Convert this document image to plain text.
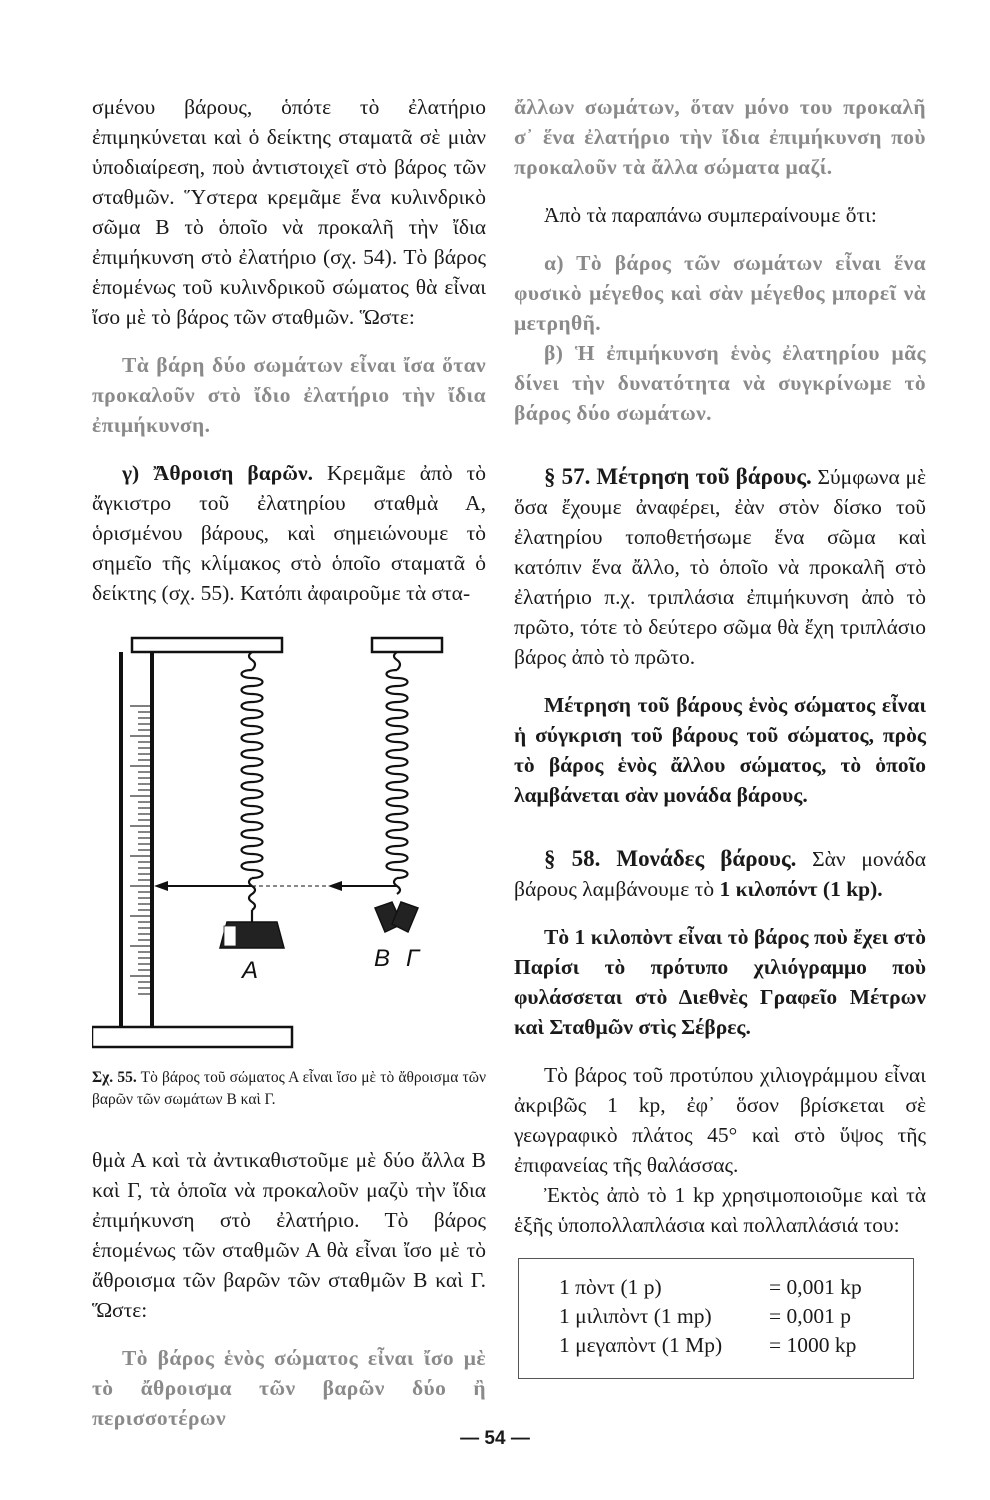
σμένου βάρους, ὁπότε τὸ ἐλατήριο ἐπιμηκύνεται καὶ ὁ δείκτης σταματᾶ σὲ μιὰν ὑποδιαίρεση, ποὺ ἀντιστοιχεῖ στὸ βάρος τῶν σταθμῶν. Ὕστερα κρεμᾶμε ἕνα κυλινδρικὸ σῶμα Β τὸ ὁποῖο νὰ προκαλῆ τὴν ἴδια ἐπιμήκυνση στὸ ἐλατήριο (σχ. 54). Τὸ βάρος ἑπομένως τοῦ κυλινδρικοῦ σώματος θὰ εἶναι ἴσο μὲ τὸ βάρος τῶν σταθμῶν. Ὥστε:

Τὰ βάρη δύο σωμάτων εἶναι ἴσα ὅταν προκαλοῦν στὸ ἴδιο ἐλατήριο τὴν ἴδια ἐπιμήκυνση.

γ) Ἄθροιση βαρῶν. Κρεμᾶμε ἀπὸ τὸ ἄγκιστρο τοῦ ἐλατηρίου σταθμὰ Α, ὁρισμένου βάρους, καὶ σημειώνουμε τὸ σημεῖο τῆς κλίμακος στὸ ὁποῖο σταματᾶ ὁ δείκτης (σχ. 55). Κατόπι ἀφαιροῦμε τὰ στα-

A	B Γ

Σχ. 55. Τὸ βάρος τοῦ σώματος Α εἶναι ἴσο μὲ τὸ ἄθροισμα τῶν βαρῶν τῶν σωμάτων Β καὶ Γ.

θμὰ Α καὶ τὰ ἀντικαθιστοῦμε μὲ δύο ἄλλα Β καὶ Γ, τὰ ὁποῖα νὰ προκαλοῦν μαζὺ τὴν ἴδια ἐπιμήκυνση στὸ ἐλατήριο. Τὸ βάρος ἑπομένως τῶν σταθμῶν Α θὰ εἶναι ἴσο μὲ τὸ ἄθροισμα τῶν βαρῶν τῶν σταθμῶν Β καὶ Γ. Ὥστε:

Τὸ βάρος ἑνὸς σώματος εἶναι ἴσο μὲ τὸ ἄθροισμα τῶν βαρῶν δύο ἢ περισσοτέρων

ἄλλων σωμάτων, ὅταν μόνο του προκαλῆ σ᾽ ἕνα ἐλατήριο τὴν ἴδια ἐπιμήκυνση ποὺ προκαλοῦν τὰ ἄλλα σώματα μαζί.

Ἀπὸ τὰ παραπάνω συμπεραίνουμε ὅτι:

α) Τὸ βάρος τῶν σωμάτων εἶναι ἕνα φυσικὸ μέγεθος καὶ σὰν μέγεθος μπορεῖ νὰ μετρηθῆ.

β) Ἡ ἐπιμήκυνση ἑνὸς ἐλατηρίου μᾶς δίνει τὴν δυνατότητα νὰ συγκρίνωμε τὸ βάρος δύο σωμάτων.

§ 57. Μέτρηση τοῦ βάρους. Σύμφωνα μὲ ὅσα ἔχουμε ἀναφέρει, ἐὰν στὸν δίσκο τοῦ ἐλατηρίου τοποθετήσωμε ἕνα σῶμα καὶ κατόπιν ἕνα ἄλλο, τὸ ὁποῖο νὰ προκαλῆ στὸ ἐλατήριο π.χ. τριπλάσια ἐπιμήκυνση ἀπὸ τὸ πρῶτο, τότε τὸ δεύτερο σῶμα θὰ ἔχη τριπλάσιο βάρος ἀπὸ τὸ πρῶτο.

Μέτρηση τοῦ βάρους ἑνὸς σώματος εἶναι ἡ σύγκριση τοῦ βάρους τοῦ σώματος, πρὸς τὸ βάρος ἑνὸς ἄλλου σώματος, τὸ ὁποῖο λαμβάνεται σὰν μονάδα βάρους.

§ 58. Μονάδες βάρους. Σὰν μονάδα βάρους λαμβάνουμε τὸ 1 κιλοπόντ (1 kp).

Τὸ 1 κιλοπὸντ εἶναι τὸ βάρος ποὺ ἔχει στὸ Παρίσι τὸ πρότυπο χιλιόγραμμο ποὺ φυλάσσεται στὸ Διεθνὲς Γραφεῖο Μέτρων καὶ Σταθμῶν στὶς Σέβρες.

Τὸ βάρος τοῦ προτύπου χιλιογράμμου εἶναι ἀκριβῶς 1 kp, ἐφ᾽ ὅσον βρίσκεται σὲ γεωγραφικὸ πλάτος 45° καὶ στὸ ὕψος τῆς ἐπιφανείας τῆς θαλάσσας.

Ἐκτὸς ἀπὸ τὸ 1 kp χρησιμοποιοῦμε καὶ τὰ ἑξῆς ὑποπολλαπλάσια καὶ πολλαπλάσιά του:

1 πὸντ (1 p)	= 0,001 kp
1 μιλιπὸντ (1 mp)	= 0,001 p
1 μεγαπὸντ (1 Mp)	= 1000 kp
— 54 —
